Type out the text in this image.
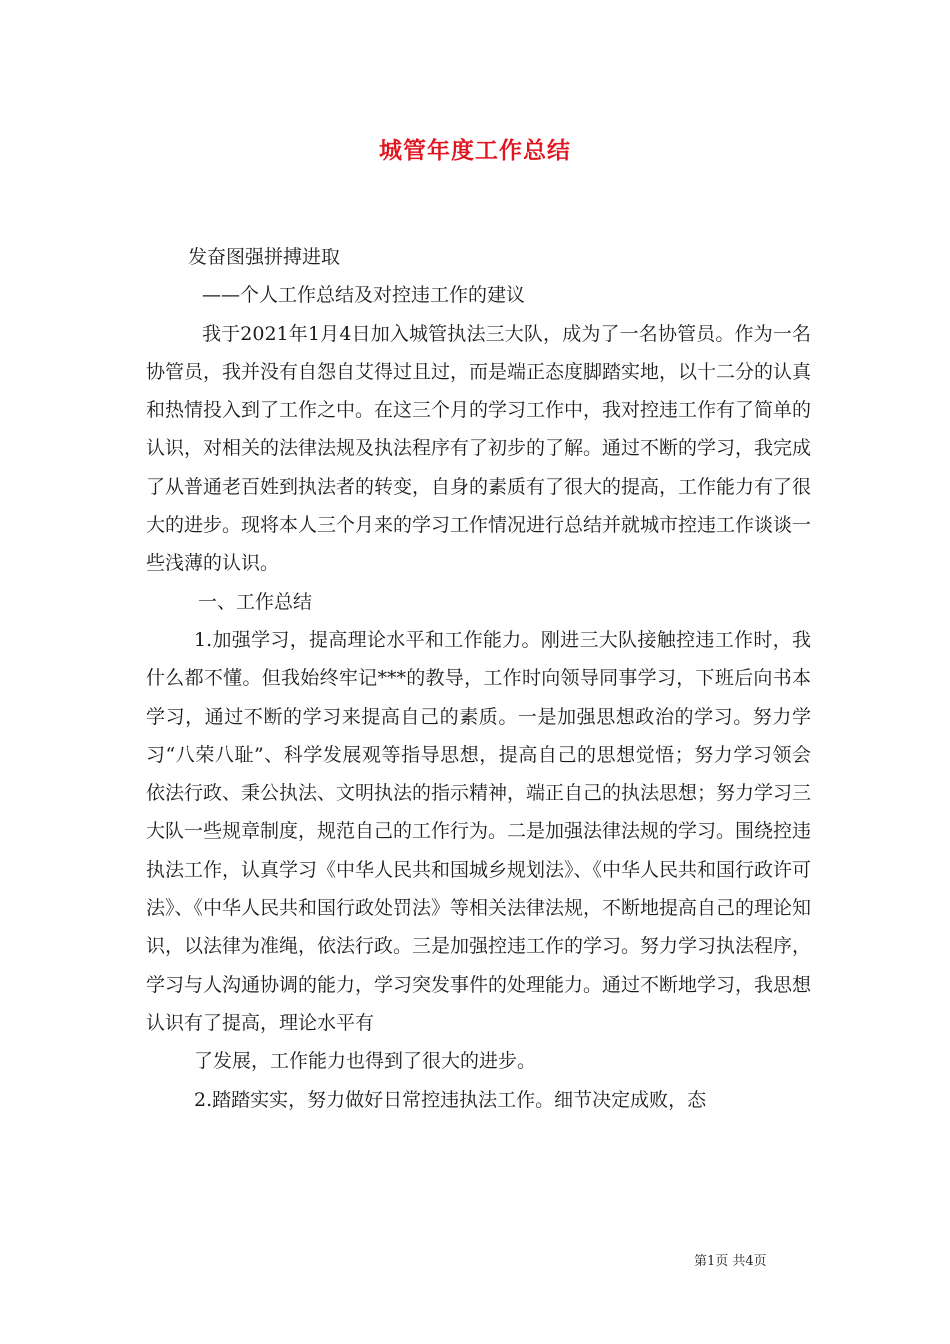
城管年度工作总结

发奋图强拼搏进取

——个人工作总结及对控违工作的建议

我于2021年1月4日加入城管执法三大队，成为了一名协管员。作为一名协管员，我并没有自怨自艾得过且过，而是端正态度脚踏实地，以十二分的认真和热情投入到了工作之中。在这三个月的学习工作中，我对控违工作有了简单的认识，对相关的法律法规及执法程序有了初步的了解。通过不断的学习，我完成了从普通老百姓到执法者的转变，自身的素质有了很大的提高，工作能力有了很大的进步。现将本人三个月来的学习工作情况进行总结并就城市控违工作谈谈一些浅薄的认识。

一、工作总结

1.加强学习，提高理论水平和工作能力。刚进三大队接触控违工作时，我什么都不懂。但我始终牢记***的教导，工作时向领导同事学习，下班后向书本学习，通过不断的学习来提高自己的素质。一是加强思想政治的学习。努力学习“八荣八耻”、科学发展观等指导思想，提高自己的思想觉悟；努力学习领会依法行政、秉公执法、文明执法的指示精神，端正自己的执法思想；努力学习三大队一些规章制度，规范自己的工作行为。二是加强法律法规的学习。围绕控违执法工作，认真学习《中华人民共和国城乡规划法》、《中华人民共和国行政许可法》、《中华人民共和国行政处罚法》等相关法律法规，不断地提高自己的理论知识，以法律为准绳，依法行政。三是加强控违工作的学习。努力学习执法程序，学习与人沟通协调的能力，学习突发事件的处理能力。通过不断地学习，我思想认识有了提高，理论水平有

了发展，工作能力也得到了很大的进步。

2.踏踏实实，努力做好日常控违执法工作。细节决定成败，态

第1页 共4页
